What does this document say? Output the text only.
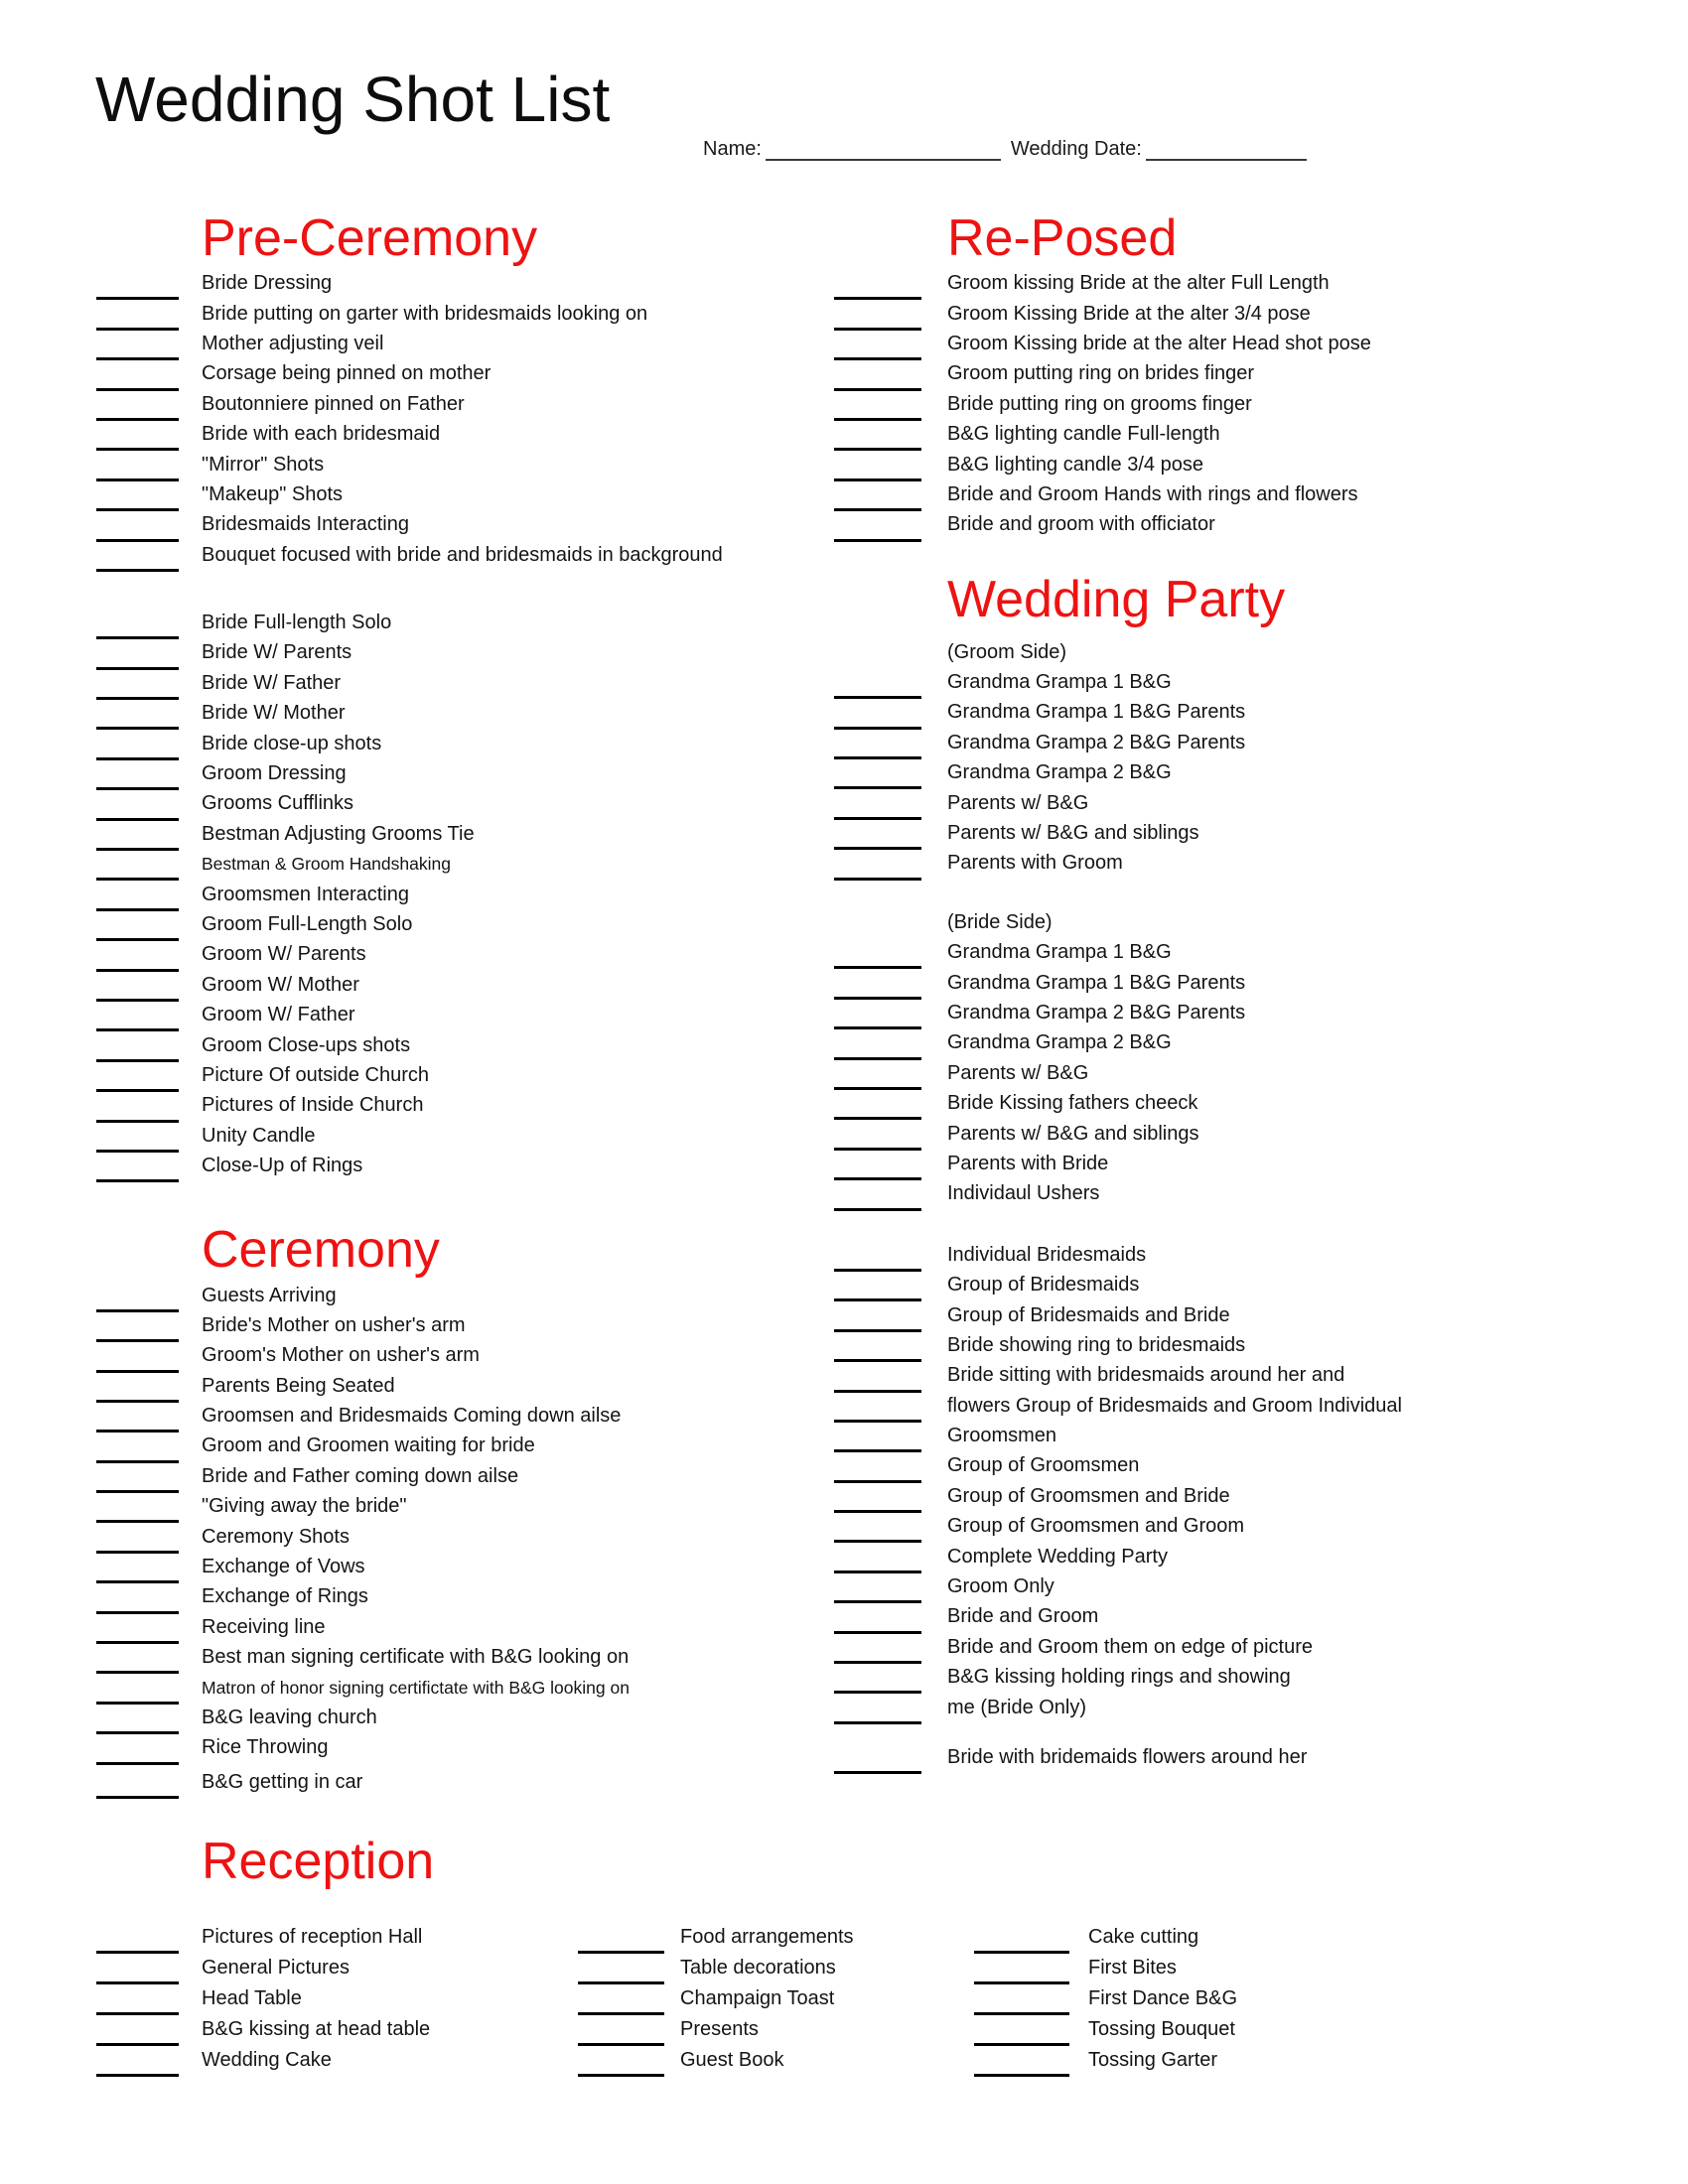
Wedding Shot List
Name:	Wedding Date:
Pre-Ceremony
Bride Dressing
Bride putting on garter with bridesmaids looking on
Mother adjusting veil
Corsage being pinned on mother
Boutonniere pinned on Father
Bride with each bridesmaid
"Mirror" Shots
"Makeup" Shots
Bridesmaids Interacting
Bouquet focused with bride and bridesmaids in background
Bride Full-length Solo
Bride W/ Parents
Bride W/ Father
Bride W/ Mother
Bride close-up shots
Groom Dressing
Grooms Cufflinks
Bestman Adjusting Grooms Tie
Bestman & Groom Handshaking
Groomsmen Interacting
Groom Full-Length Solo
Groom W/ Parents
Groom W/ Mother
Groom W/ Father
Groom Close-ups shots
Picture Of outside Church
Pictures of Inside Church
Unity Candle
Close-Up of Rings
Ceremony
Guests Arriving
Bride's Mother on usher's arm
Groom's Mother on usher's arm
Parents Being Seated
Groomsen and Bridesmaids Coming down ailse
Groom and Groomen waiting for bride
Bride and Father coming down ailse
"Giving away the bride"
Ceremony Shots
Exchange of Vows
Exchange of Rings
Receiving line
Best man signing certificate with B&G looking on
Matron of honor signing certifictate with B&G looking on
B&G leaving church
Rice Throwing
B&G getting in car
Re-Posed
Groom kissing Bride at the alter Full Length
Groom Kissing Bride at the alter 3/4 pose
Groom Kissing bride at the alter Head shot pose
Groom putting ring on brides finger
Bride putting ring on grooms finger
B&G lighting candle Full-length
B&G lighting candle 3/4 pose
Bride and Groom Hands with rings and flowers
Bride and groom with officiator
Wedding Party
(Groom Side)
Grandma Grampa 1 B&G
Grandma Grampa 1 B&G Parents
Grandma Grampa 2 B&G Parents
Grandma Grampa 2 B&G
Parents w/ B&G
Parents w/ B&G and siblings
Parents with Groom
(Bride Side)
Grandma Grampa 1 B&G
Grandma Grampa 1 B&G Parents
Grandma Grampa 2 B&G Parents
Grandma Grampa 2 B&G
Parents w/ B&G
Bride Kissing fathers cheeck
Parents w/ B&G and siblings
Parents with Bride
Individaul Ushers
Individual Bridesmaids
Group of Bridesmaids
Group of Bridesmaids and Bride
Bride showing ring to bridesmaids
Bride sitting with bridesmaids around her and
flowers Group of Bridesmaids and Groom Individual
Groomsmen
Group of Groomsmen
Group of Groomsmen and Bride
Group of Groomsmen and Groom
Complete Wedding Party
Groom Only
Bride and Groom
Bride and Groom them on edge of picture
B&G kissing holding rings and showing
me (Bride Only)
Bride with bridemaids flowers around her
Reception
Pictures of reception Hall
General Pictures
Head Table
B&G kissing at head table
Wedding Cake
Food arrangements
Table decorations
Champaign Toast
Presents
Guest Book
Cake cutting
First Bites
First Dance B&G
Tossing Bouquet
Tossing Garter
